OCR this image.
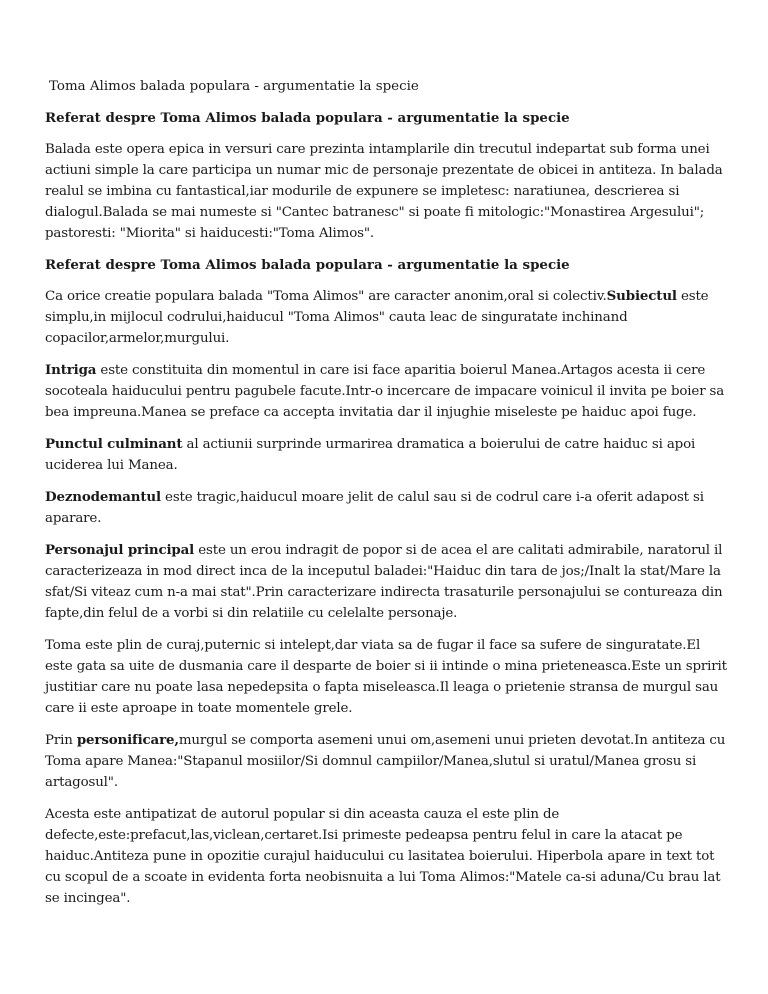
Toma Alimos balada populara - argumentatie la specie

Referat despre Toma Alimos balada populara - argumentatie la specie

Balada este opera epica in versuri care prezinta intamplarile din trecutul indepartat sub forma unei actiuni simple la care participa un numar mic de personaje prezentate de obicei in antiteza. In balada realul se imbina cu fantastical,iar modurile de expunere se impletesc: naratiunea, descrierea si dialogul.Balada se mai numeste si "Cantec batranesc" si poate fi mitologic:"Monastirea Argesului"; pastoresti: "Miorita" si haiducesti:"Toma Alimos".

Referat despre Toma Alimos balada populara - argumentatie la specie

Ca orice creatie populara balada "Toma Alimos" are caracter anonim,oral si colectiv.Subiectul este simplu,in mijlocul codrului,haiducul "Toma Alimos" cauta leac de singuratate inchinand copacilor,armelor,murgului.

Intriga este constituita din momentul in care isi face aparitia boierul Manea.Artagos acesta ii cere socoteala haiducului pentru pagubele facute.Intr-o incercare de impacare voinicul il invita pe boier sa bea impreuna.Manea se preface ca accepta invitatia dar il injughie miseleste pe haiduc apoi fuge.

Punctul culminant al actiunii surprinde urmarirea dramatica a boierului de catre haiduc si apoi uciderea lui Manea.

Deznodemantul este tragic,haiducul moare jelit de calul sau si de codrul care i-a oferit adapost si aparare.

Personajul principal este un erou indragit de popor si de acea el are calitati admirabile, naratorul il caracterizeaza in mod direct inca de la inceputul baladei:"Haiduc din tara de jos;/Inalt la stat/Mare la sfat/Si viteaz cum n-a mai stat".Prin caracterizare indirecta trasaturile personajului se contureaza din fapte,din felul de a vorbi si din relatiile cu celelalte personaje.

Toma este plin de curaj,puternic si intelept,dar viata sa de fugar il face sa sufere de singuratate.El este gata sa uite de dusmania care il desparte de boier si ii intinde o mina prieteneasca.Este un spririt justitiar care nu poate lasa nepedepsita o fapta miseleasca.Il leaga o prietenie stransa de murgul sau care ii este aproape in toate momentele grele.

Prin personificare,murgul se comporta asemeni unui om,asemeni unui prieten devotat.In antiteza cu Toma apare Manea:"Stapanul mosiilor/Si domnul campiilor/Manea,slutul si uratul/Manea grosu si artagosul".

Acesta este antipatizat de autorul popular si din aceasta cauza el este plin de defecte,este:prefacut,las,viclean,certaret.Isi primeste pedeapsa pentru felul in care la atacat pe haiduc.Antiteza pune in opozitie curajul haiducului cu lasitatea boierului. Hiperbola apare in text tot cu scopul de a scoate in evidenta forta neobisnuita a lui Toma Alimos:"Matele ca-si aduna/Cu brau lat se incingea".
